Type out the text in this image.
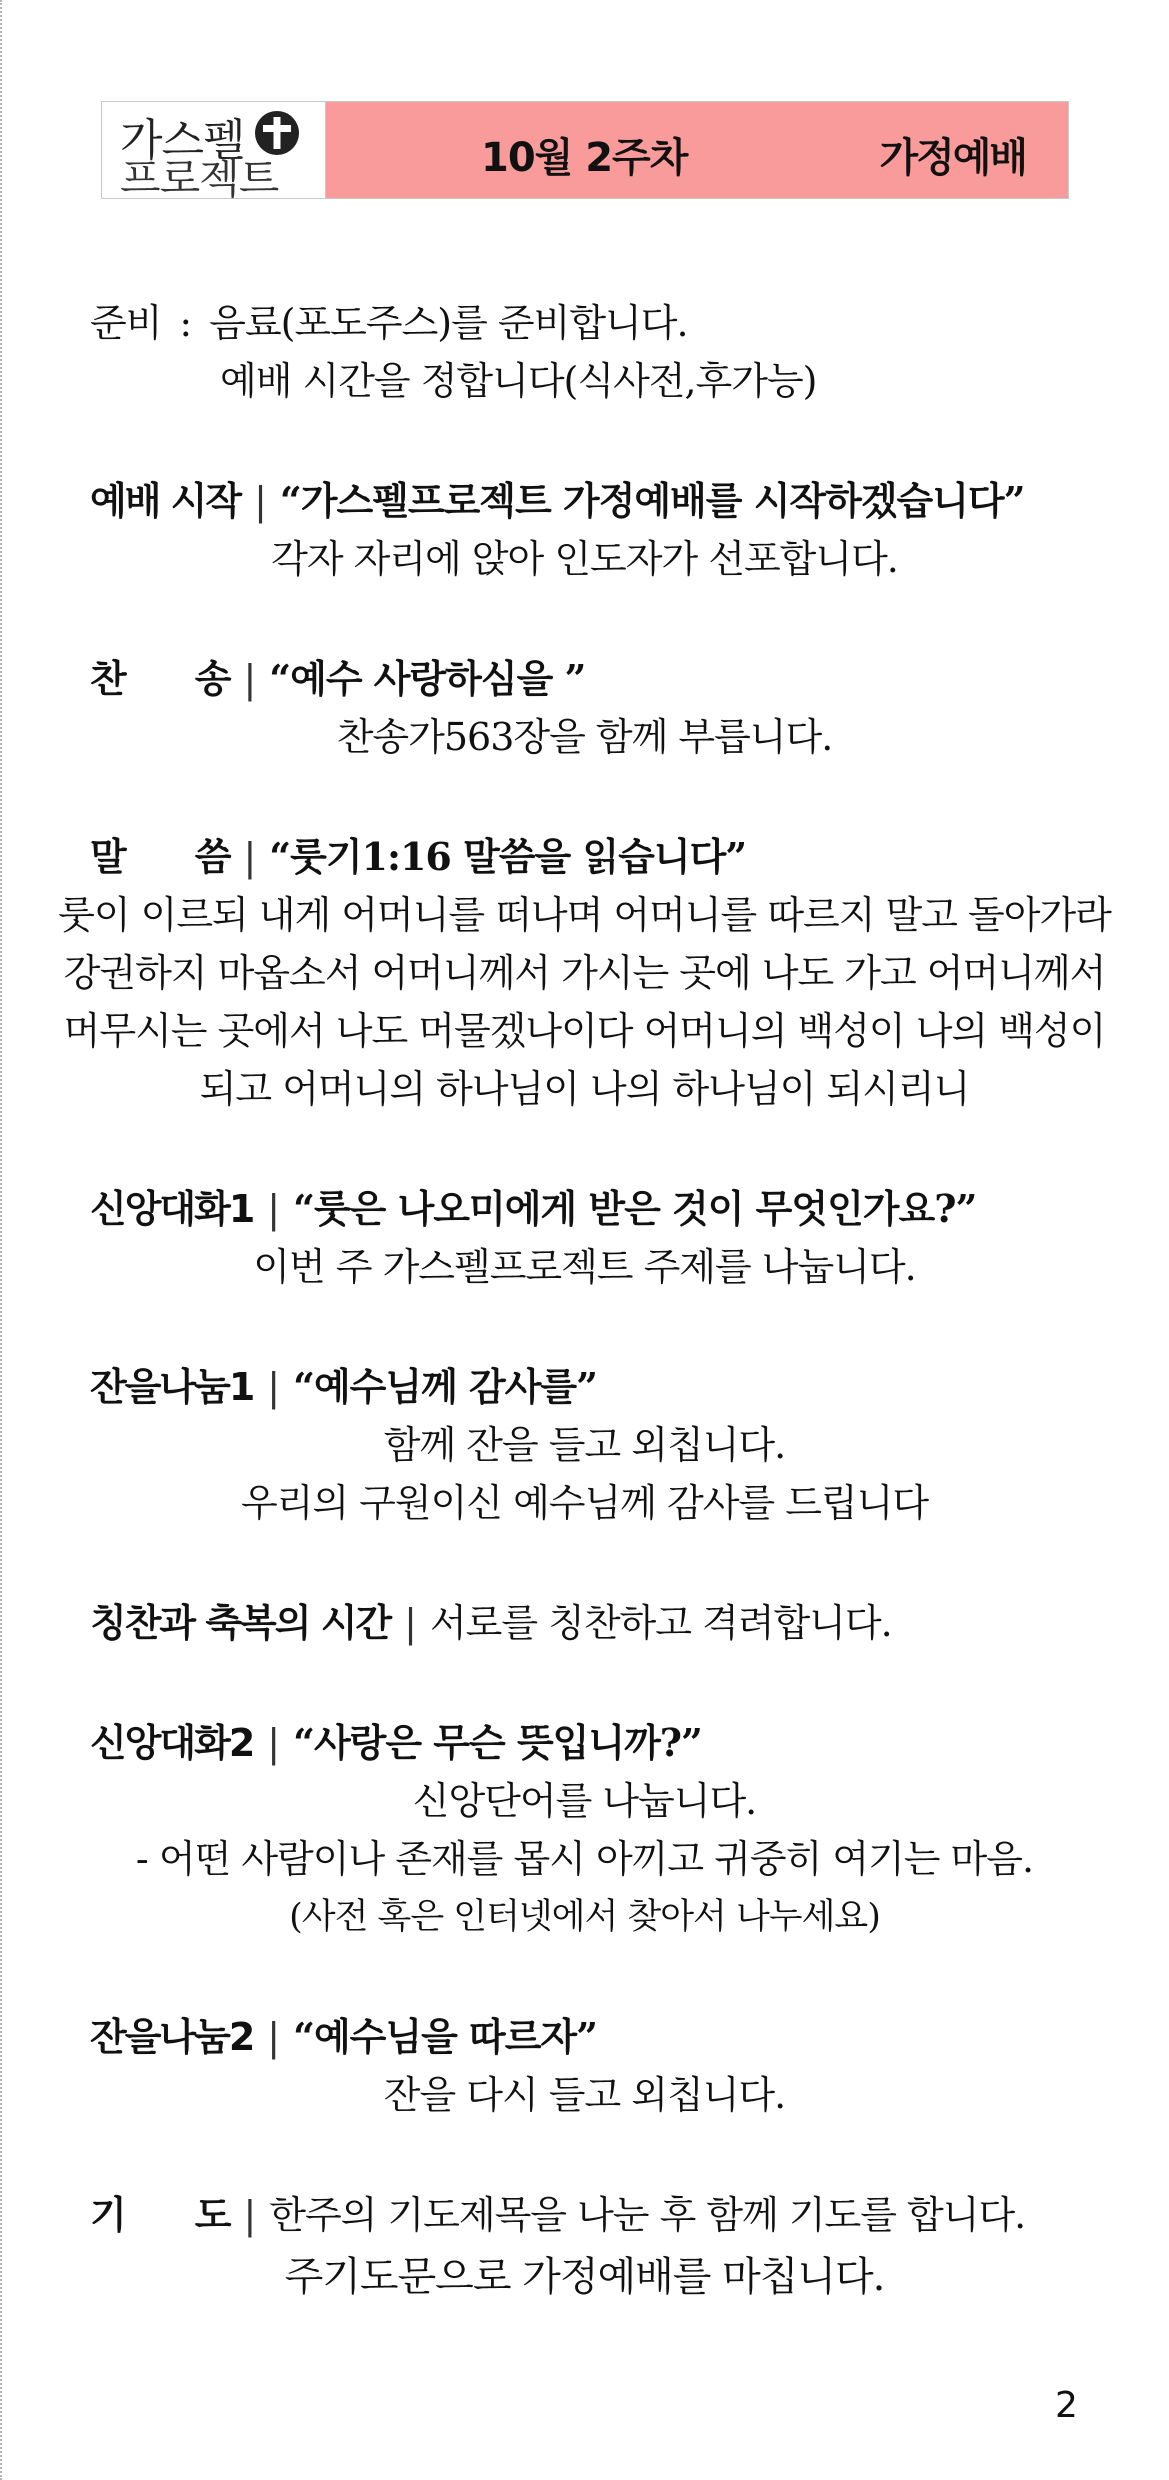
가스펠
프로젝트	10월 2주차	가정예배
준비 : 음료(포도주스)를 준비합니다.
예배 시간을 정합니다(식사전,후가능)
예배 시작 | “가스펠프로젝트 가정예배를 시작하겠습니다”
각자 자리에 앉아 인도자가 선포합니다.
찬 송 | “예수 사랑하심을 ”
찬송가563장을 함께 부릅니다.
말 씀 | “룻기1:16 말씀을 읽습니다”
룻이 이르되 내게 어머니를 떠나며 어머니를 따르지 말고 돌아가라
강권하지 마옵소서 어머니께서 가시는 곳에 나도 가고 어머니께서
머무시는 곳에서 나도 머물겠나이다 어머니의 백성이 나의 백성이
되고 어머니의 하나님이 나의 하나님이 되시리니
신앙대화1 | “룻은 나오미에게 받은 것이 무엇인가요?”
이번 주 가스펠프로젝트 주제를 나눕니다.
잔을나눔1 | “예수님께 감사를”
함께 잔을 들고 외칩니다.
우리의 구원이신 예수님께 감사를 드립니다
칭찬과 축복의 시간 | 서로를 칭찬하고 격려합니다.
신앙대화2 | “사랑은 무슨 뜻입니까?”
신앙단어를 나눕니다.
- 어떤 사람이나 존재를 몹시 아끼고 귀중히 여기는 마음.
(사전 혹은 인터넷에서 찾아서 나누세요)
잔을나눔2 | “예수님을 따르자”
잔을 다시 들고 외칩니다.
기 도 | 한주의 기도제목을 나눈 후 함께 기도를 합니다.
주기도문으로 가정예배를 마칩니다.
2
